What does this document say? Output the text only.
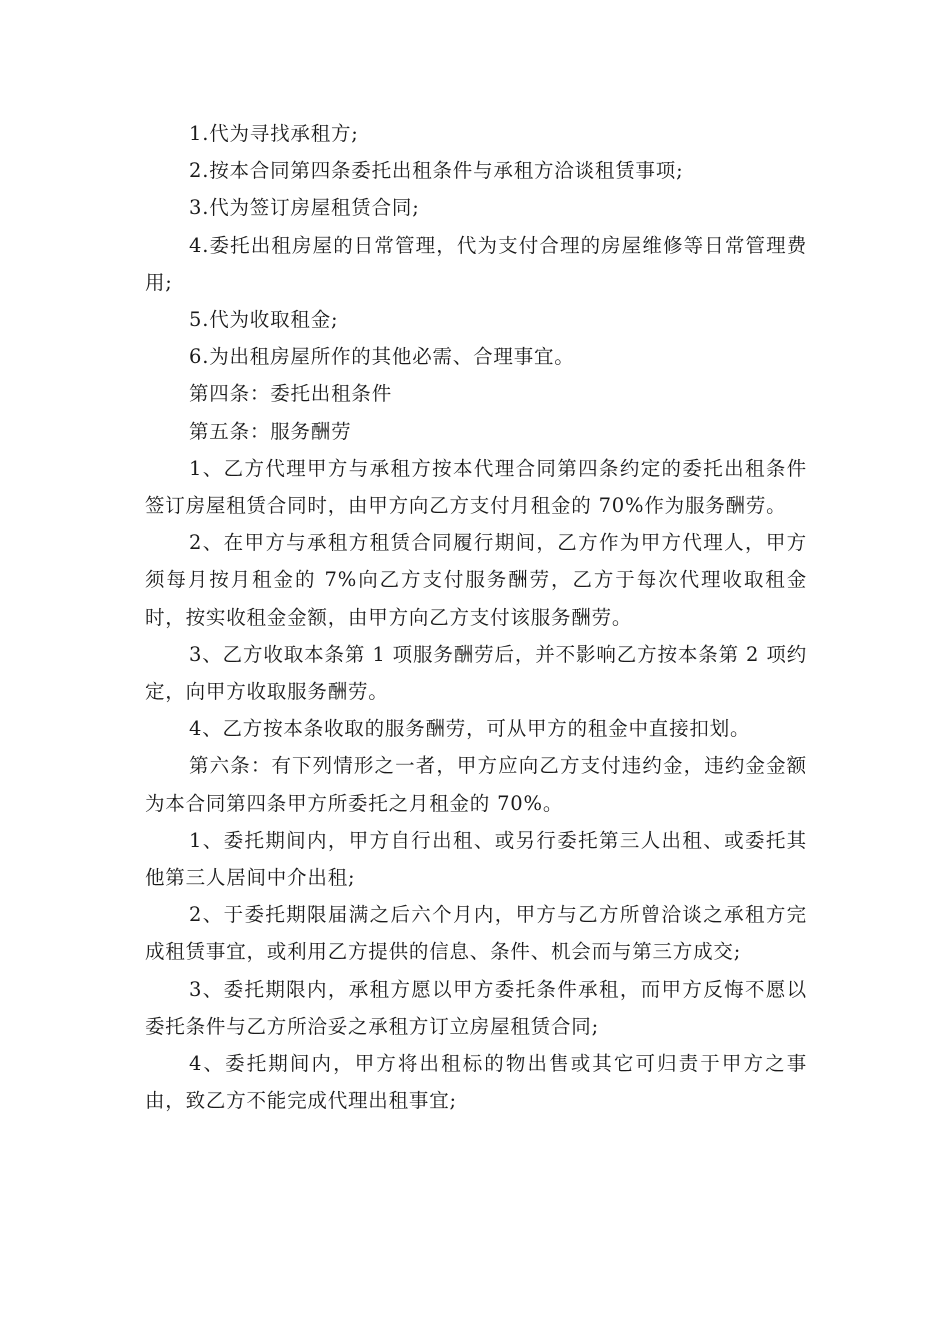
1.代为寻找承租方;

2.按本合同第四条委托出租条件与承租方洽谈租赁事项;

3.代为签订房屋租赁合同;

4.委托出租房屋的日常管理，代为支付合理的房屋维修等日常管理费用;

5.代为收取租金;

6.为出租房屋所作的其他必需、合理事宜。

第四条：委托出租条件

第五条：服务酬劳

1、乙方代理甲方与承租方按本代理合同第四条约定的委托出租条件签订房屋租赁合同时，由甲方向乙方支付月租金的 70%作为服务酬劳。

2、在甲方与承租方租赁合同履行期间，乙方作为甲方代理人，甲方须每月按月租金的 7%向乙方支付服务酬劳，乙方于每次代理收取租金时，按实收租金金额，由甲方向乙方支付该服务酬劳。

3、乙方收取本条第 1 项服务酬劳后，并不影响乙方按本条第 2 项约定，向甲方收取服务酬劳。

4、乙方按本条收取的服务酬劳，可从甲方的租金中直接扣划。

第六条：有下列情形之一者，甲方应向乙方支付违约金，违约金金额为本合同第四条甲方所委托之月租金的 70%。

1、委托期间内，甲方自行出租、或另行委托第三人出租、或委托其他第三人居间中介出租;

2、于委托期限届满之后六个月内，甲方与乙方所曾洽谈之承租方完成租赁事宜，或利用乙方提供的信息、条件、机会而与第三方成交;

3、委托期限内，承租方愿以甲方委托条件承租，而甲方反悔不愿以委托条件与乙方所洽妥之承租方订立房屋租赁合同;

4、委托期间内，甲方将出租标的物出售或其它可归责于甲方之事由，致乙方不能完成代理出租事宜;
